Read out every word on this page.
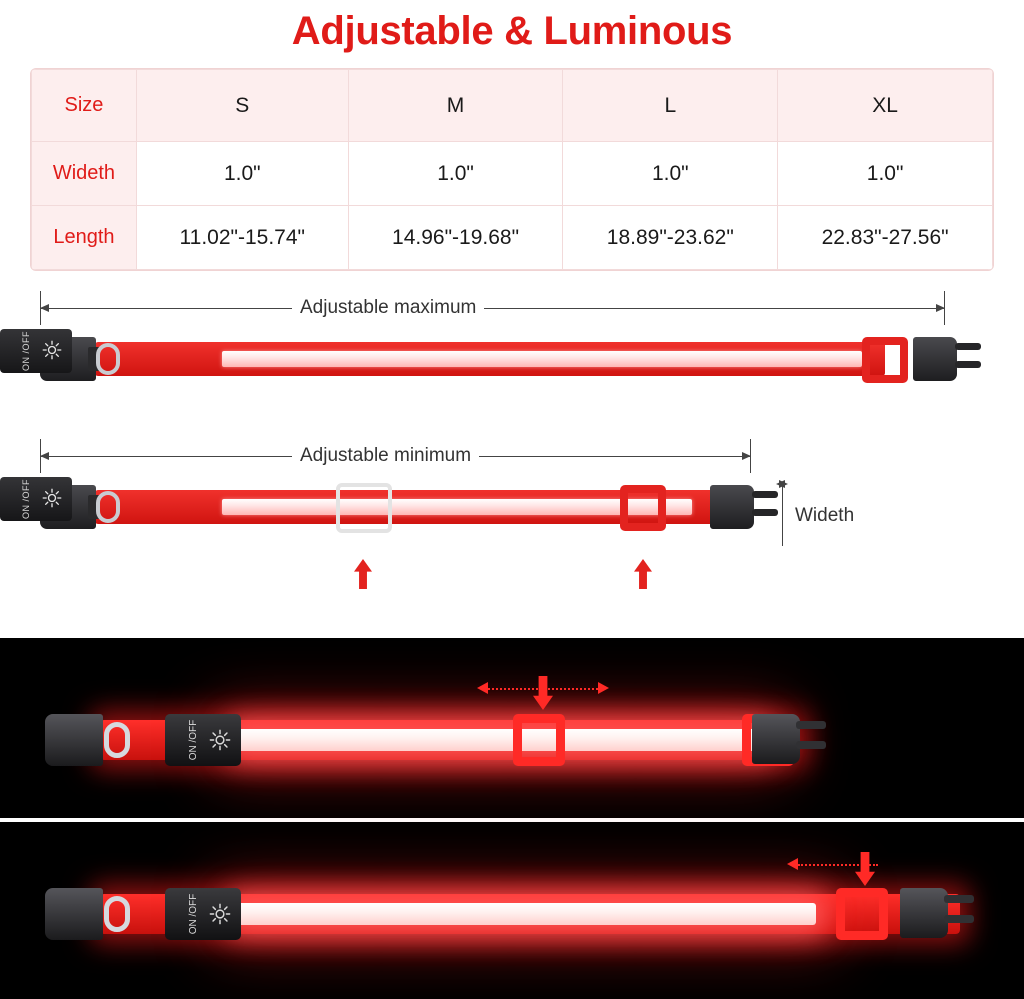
Adjustable & Luminous
Size	S	M	L	XL
Wideth	1.0"	1.0"	1.0"	1.0"
Length	11.02"-15.74"	14.96"-19.68"	18.89"-23.62"	22.83"-27.56"
Adjustable maximum
ON /OFF
Adjustable minimum
ON /OFF	Wideth
ON /OFF
ON /OFF
